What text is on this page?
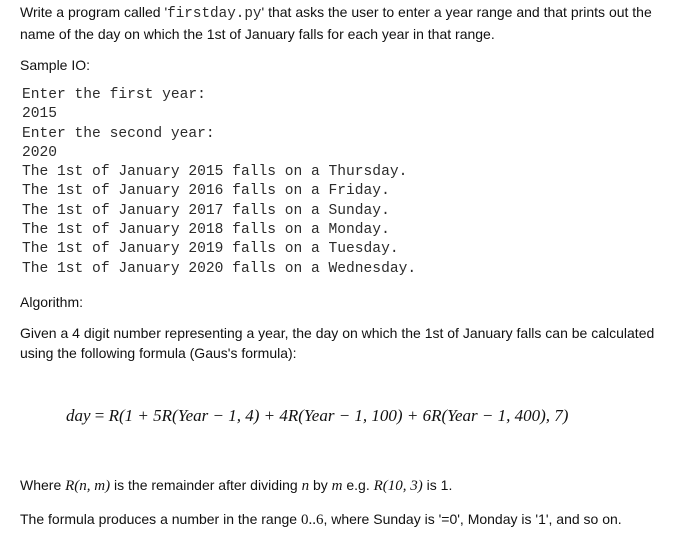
Write a program called 'firstday.py' that asks the user to enter a year range and that prints out the name of the day on which the 1st of January falls for each year in that range.

Sample IO:

Enter the first year:
2015
Enter the second year:
2020
The 1st of January 2015 falls on a Thursday.
The 1st of January 2016 falls on a Friday.
The 1st of January 2017 falls on a Sunday.
The 1st of January 2018 falls on a Monday.
The 1st of January 2019 falls on a Tuesday.
The 1st of January 2020 falls on a Wednesday.

Algorithm:

Given a 4 digit number representing a year, the day on which the 1st of January falls can be calculated using the following formula (Gaus's formula):

day = R(1 + 5R(Year − 1, 4) + 4R(Year − 1, 100) + 6R(Year − 1, 400), 7)

Where R(n, m) is the remainder after dividing n by m e.g. R(10, 3) is 1.

The formula produces a number in the range 0..6, where Sunday is '=0', Monday is '1', and so on.
